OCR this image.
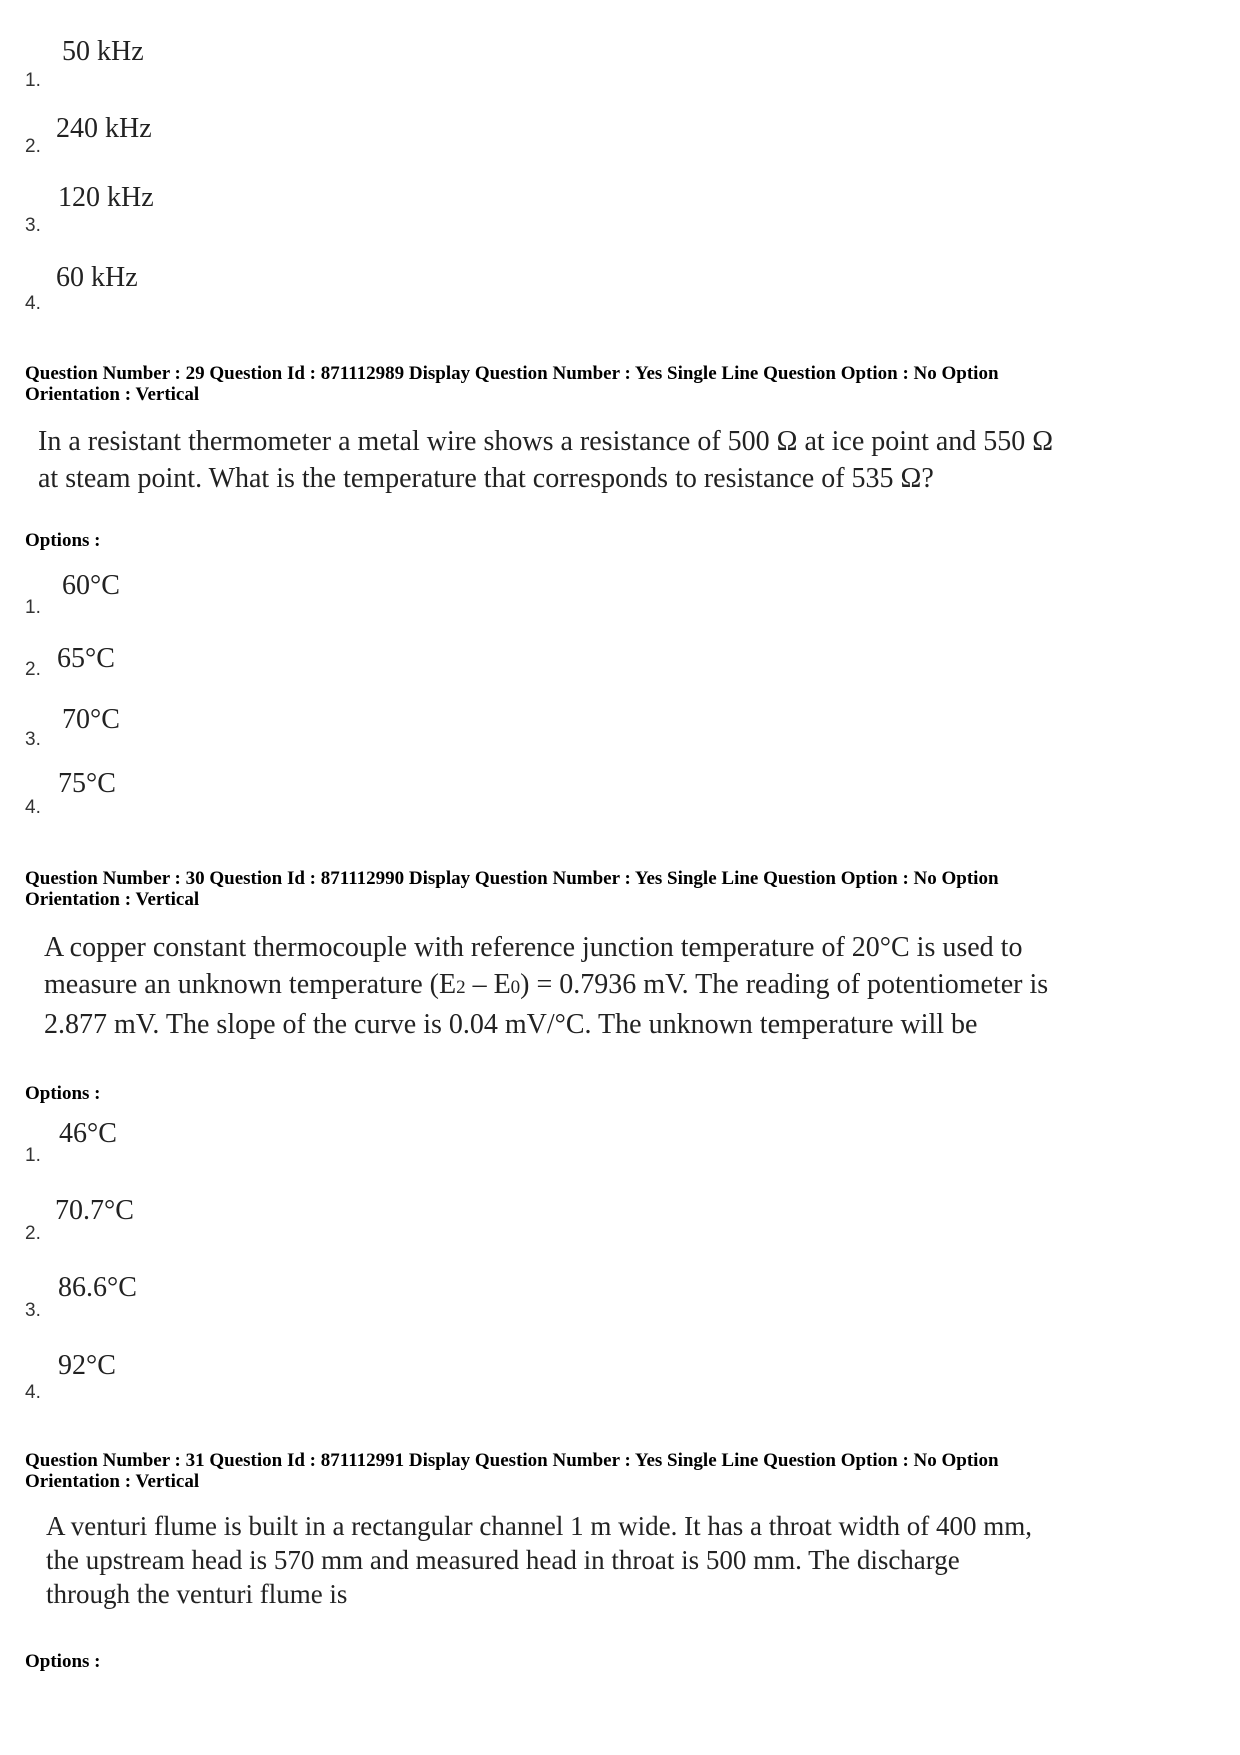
50 kHz
1.
240 kHz
2.
120 kHz
3.
60 kHz
4.
Question Number : 29 Question Id : 871112989 Display Question Number : Yes Single Line Question Option : No Option
Orientation : Vertical
In a resistant thermometer a metal wire shows a resistance of 500 Ω at ice point and 550 Ω
at steam point. What is the temperature that corresponds to resistance of 535 Ω?
Options :
60°C
1.
65°C
2.
70°C
3.
75°C
4.
Question Number : 30 Question Id : 871112990 Display Question Number : Yes Single Line Question Option : No Option
Orientation : Vertical
A copper constant thermocouple with reference junction temperature of 20°C is used to
measure an unknown temperature (E2 – E0) = 0.7936 mV. The reading of potentiometer is
2.877 mV. The slope of the curve is 0.04 mV/°C. The unknown temperature will be
Options :
46°C
1.
70.7°C
2.
86.6°C
3.
92°C
4.
Question Number : 31 Question Id : 871112991 Display Question Number : Yes Single Line Question Option : No Option
Orientation : Vertical
A venturi flume is built in a rectangular channel 1 m wide. It has a throat width of 400 mm,
the upstream head is 570 mm and measured head in throat is 500 mm. The discharge
through the venturi flume is
Options :
